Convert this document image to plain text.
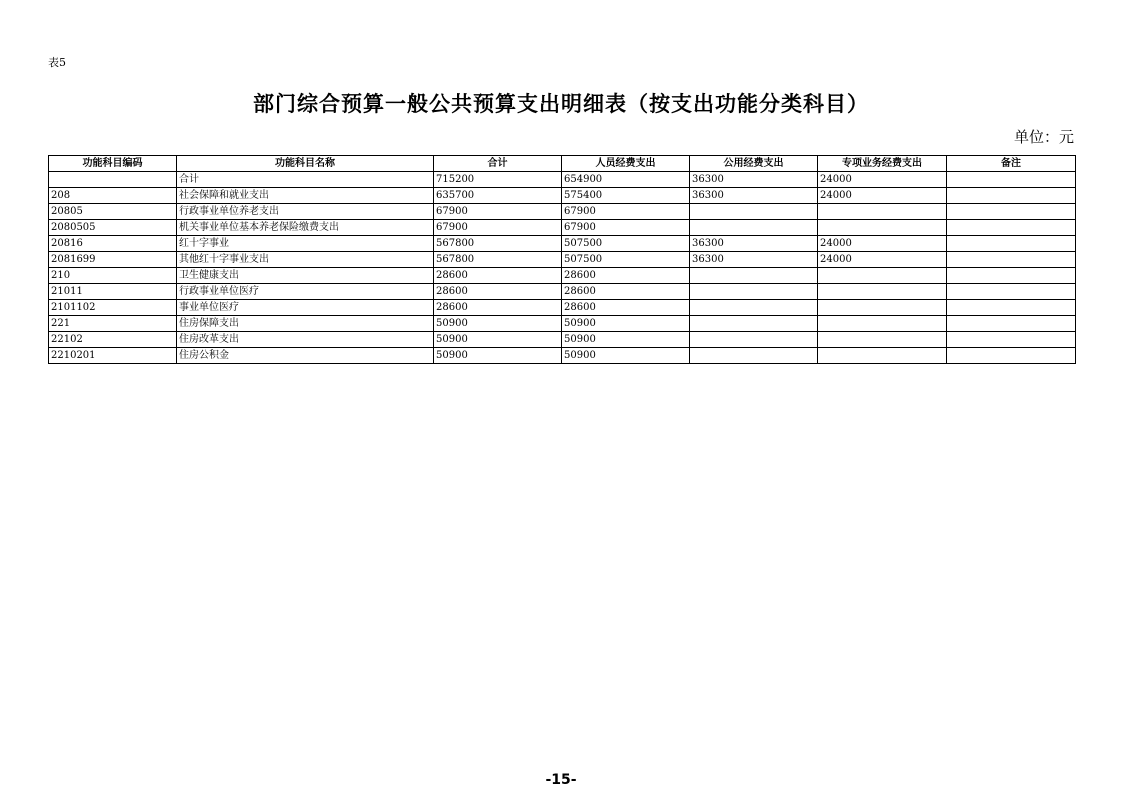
表5
部门综合预算一般公共预算支出明细表（按支出功能分类科目）
单位：元
功能科目编码	功能科目名称	合计	人员经费支出	公用经费支出	专项业务经费支出	备注
	合计	715200	654900	36300	24000	
208	社会保障和就业支出	635700	575400	36300	24000	
20805	行政事业单位养老支出	67900	67900			
2080505	机关事业单位基本养老保险缴费支出	67900	67900			
20816	红十字事业	567800	507500	36300	24000	
2081699	其他红十字事业支出	567800	507500	36300	24000	
210	卫生健康支出	28600	28600			
21011	行政事业单位医疗	28600	28600			
2101102	事业单位医疗	28600	28600			
221	住房保障支出	50900	50900			
22102	住房改革支出	50900	50900			
2210201	住房公积金	50900	50900			
-15-
